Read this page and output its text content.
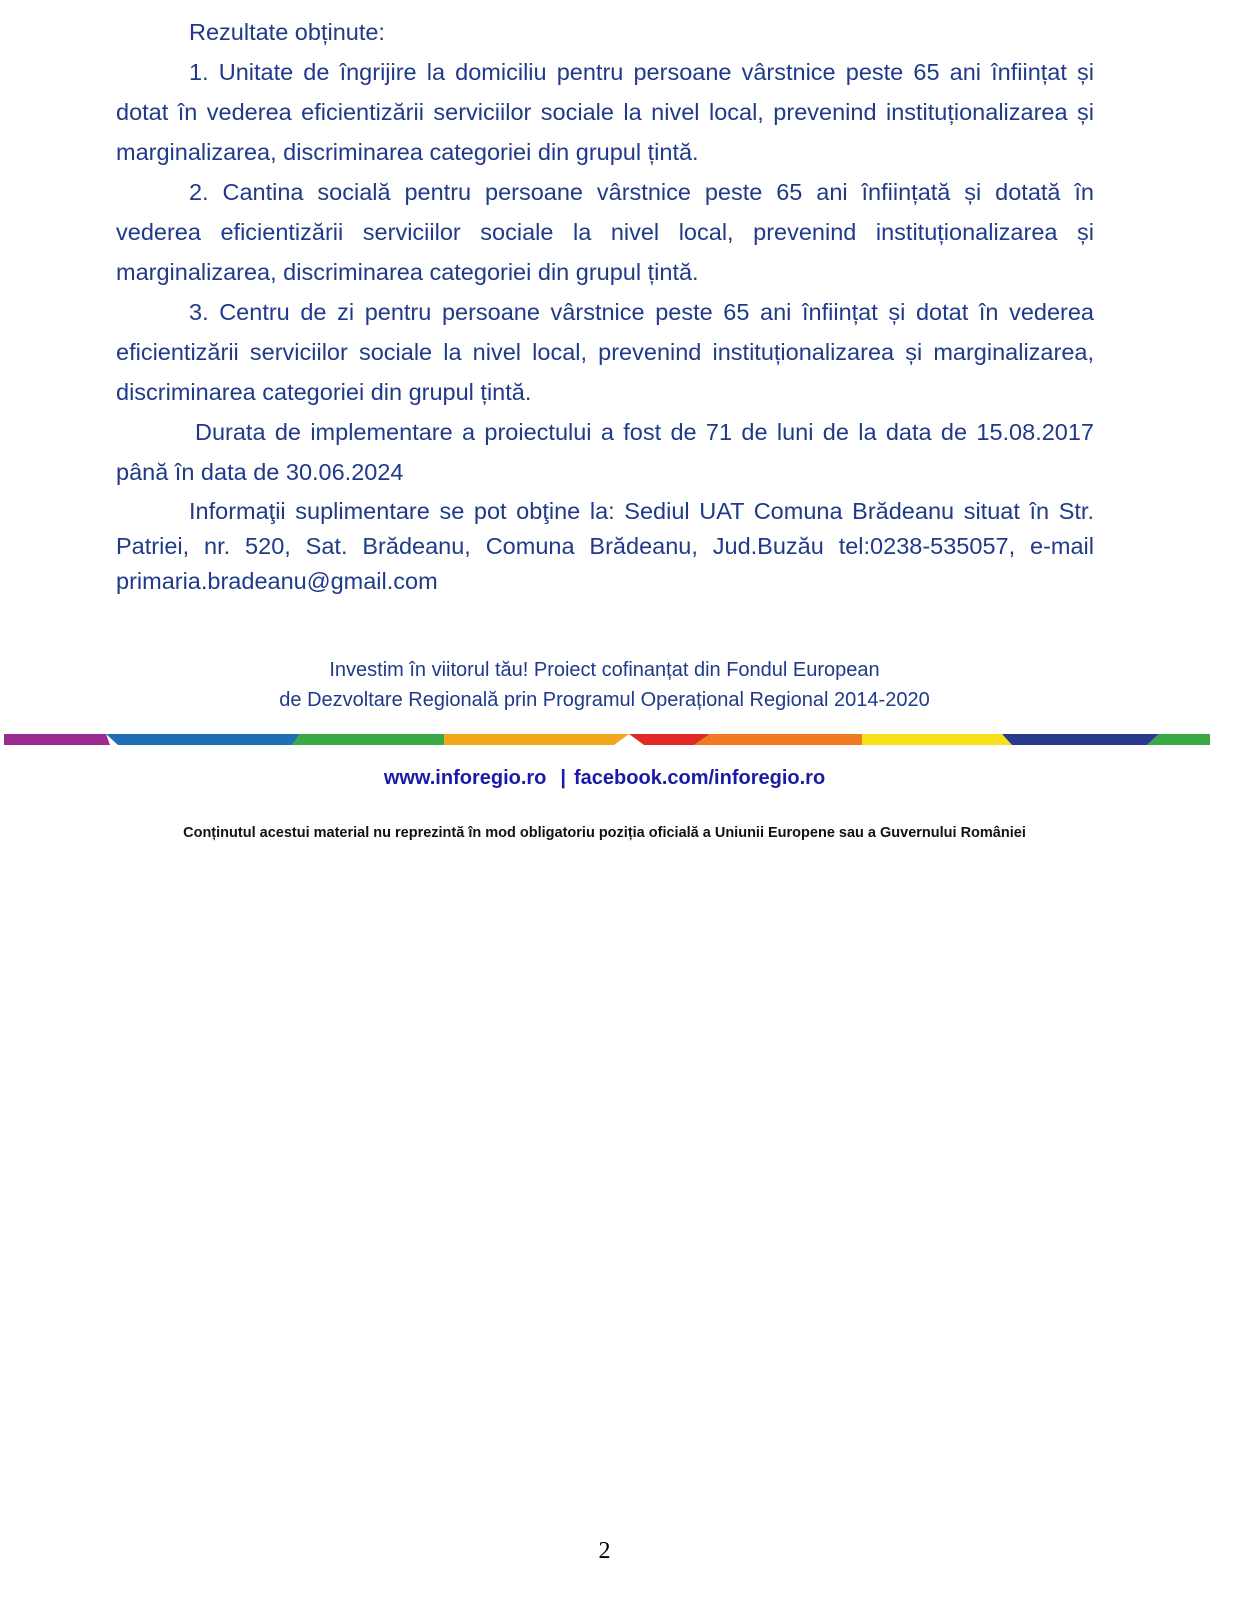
Rezultate obținute:

1. Unitate de îngrijire la domiciliu pentru persoane vârstnice peste 65 ani înființat și dotat în vederea eficientizării serviciilor sociale la nivel local, prevenind instituționalizarea și marginalizarea, discriminarea categoriei din grupul țintă.

2. Cantina socială pentru persoane vârstnice peste 65 ani înființată și dotată în vederea eficientizării serviciilor sociale la nivel local, prevenind instituționalizarea și marginalizarea, discriminarea categoriei din grupul țintă.

3. Centru de zi pentru persoane vârstnice peste 65 ani înființat și dotat în vederea eficientizării serviciilor sociale la nivel local, prevenind instituționalizarea și marginalizarea, discriminarea categoriei din grupul țintă.

Durata de implementare a proiectului a fost de 71 de luni de la data de 15.08.2017 până în data de 30.06.2024

Informaţii suplimentare se pot obţine la: Sediul UAT Comuna Brădeanu situat în Str. Patriei, nr. 520, Sat. Brădeanu, Comuna Brădeanu, Jud.Buzău tel:0238-535057, e-mail primaria.bradeanu@gmail.com

Investim în viitorul tău! Proiect cofinanțat din Fondul European
de Dezvoltare Regională prin Programul Operațional Regional 2014-2020
www.inforegio.ro | facebook.com/inforegio.ro
Conținutul acestui material nu reprezintă în mod obligatoriu poziția oficială a Uniunii Europene sau a Guvernului României
2
